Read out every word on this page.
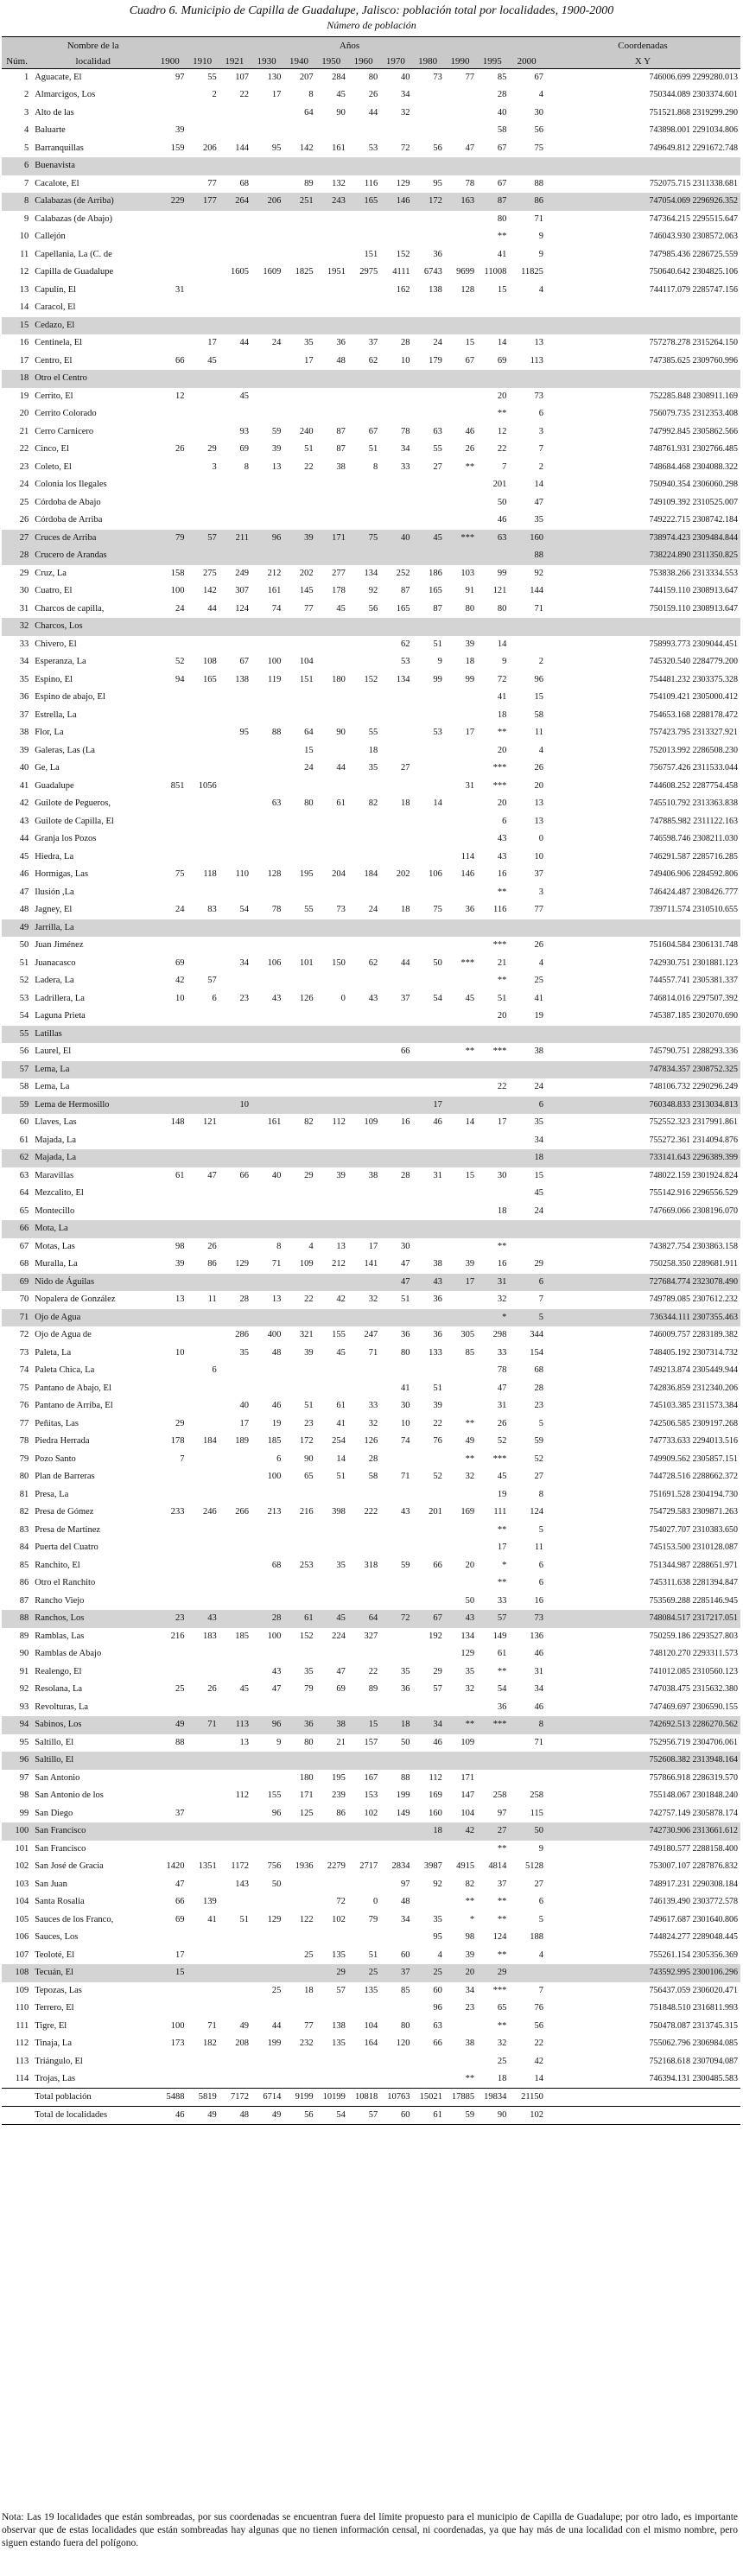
Cuadro 6. Municipio de Capilla de Guadalupe, Jalisco: población total por localidades, 1900-2000
Número de población
	Nombre de la	Años												Coordenadas
Núm.	localidad	1900	1910	1921	1930	1940	1950	1960	1970	1980	1990	1995	2000	X Y
1	Aguacate, El	97	55	107	130	207	284	80	40	73	77	85	67	746006.699 2299280.013
2	Almarcigos, Los		2	22	17	8	45	26	34			28	4	750344.089 2303374.601
3	Alto de las					64	90	44	32			40	30	751521.868 2319299.290
4	Baluarte	39										58	56	743898.001 2291034.806
5	Barranquillas	159	206	144	95	142	161	53	72	56	47	67	75	749649.812 2291672.748
6	Buenavista													
7	Cacalote, El		77	68		89	132	116	129	95	78	67	88	752075.715 2311338.681
8	Calabazas (de Arriba)	229	177	264	206	251	243	165	146	172	163	87	86	747054.069 2296926.352
9	Calabazas (de Abajo)											80	71	747364.215 2295515.647
10	Callejón											**	9	746043.930 2308572.063
11	Capellania, La (C. de							151	152	36		41	9	747985.436 2286725.559
12	Capilla de Guadalupe			1605	1609	1825	1951	2975	4111	6743	9699	11008	11825	750640.642 2304825.106
13	Capulín, El	31							162	138	128	15	4	744117.079 2285747.156
14	Caracol, El													
15	Cedazo, El													
16	Centinela, El		17	44	24	35	36	37	28	24	15	14	13	757278.278 2315264.150
17	Centro, El	66	45			17	48	62	10	179	67	69	113	747385.625 2309760.996
18	Otro el Centro													
19	Cerrito, El	12		45								20	73	752285.848 2308911.169
20	Cerrito Colorado											**	6	756079.735 2312353.408
21	Cerro Carnicero			93	59	240	87	67	78	63	46	12	3	747992.845 2305862.566
22	Cinco, El	26	29	69	39	51	87	51	34	55	26	22	7	748761.931 2302766.485
23	Coleto, El		3	8	13	22	38	8	33	27	**	7	2	748684.468 2304088.322
24	Colonia los Ilegales											201	14	750940.354 2306060.298
25	Córdoba de Abajo											50	47	749109.392 2310525.007
26	Córdoba de Arriba											46	35	749222.715 2308742.184
27	Cruces de Arriba	79	57	211	96	39	171	75	40	45	***	63	160	738974.423 2309484.844
28	Crucero de Arandas												88	738224.890 2311350.825
29	Cruz, La	158	275	249	212	202	277	134	252	186	103	99	92	753838.266 2313334.553
30	Cuatro, El	100	142	307	161	145	178	92	87	165	91	121	144	744159.110 2308913.647
31	Charcos de capilla,	24	44	124	74	77	45	56	165	87	80	80	71	750159.110 2308913.647
32	Charcos, Los													
33	Chivero, El								62	51	39	14		758993.773 2309044.451
34	Esperanza, La	52	108	67	100	104			53	9	18	9	2	745320.540 2284779.200
35	Espino, El	94	165	138	119	151	180	152	134	99	99	72	96	754481.232 2303375.328
36	Espino de abajo, El											41	15	754109.421 2305000.412
37	Estrella, La											18	58	754653.168 2288178.472
38	Flor, La			95	88	64	90	55		53	17	**	11	757423.795 2313327.921
39	Galeras, Las (La					15		18				20	4	752013.992 2286508.230
40	Ge, La					24	44	35	27			***	26	756757.426 2311533.044
41	Guadalupe	851	1056								31	***	20	744608.252 2287754.458
42	Guilote de Pegueros,				63	80	61	82	18	14		20	13	745510.792 2313363.838
43	Guilote de Capilla, El											6	13	747885.982 2311122.163
44	Granja los Pozos											43	0	746598.746 2308211.030
45	Hiedra, La										114	43	10	746291.587 2285716.285
46	Hormigas, Las	75	118	110	128	195	204	184	202	106	146	16	37	749406.906 2284592.806
47	Ilusión ,La											**	3	746424.487 2308426.777
48	Jagney, El	24	83	54	78	55	73	24	18	75	36	116	77	739711.574 2310510.655
49	Jarrilla, La													
50	Juan Jiménez											***	26	751604.584 2306131.748
51	Juanacasco	69		34	106	101	150	62	44	50	***	21	4	742930.751 2301881.123
52	Ladera, La	42	57									**	25	744557.741 2305381.337
53	Ladrillera, La	10	6	23	43	126	0	43	37	54	45	51	41	746814.016 2297507.392
54	Laguna Prieta											20	19	745387.185 2302070.690
55	Latillas													
56	Laurel, El								66		**	***	38	745790.751 2288293.336
57	Lema, La													747834.357 2308752.325
58	Lema, La											22	24	748106.732 2290296.249
59	Lema de Hermosillo			10						17			6	760348.833 2313034.813
60	Llaves, Las	148	121		161	82	112	109	16	46	14	17	35	752552.323 2317991.861
61	Majada, La												34	755272.361 2314094.876
62	Majada, La												18	733141.643 2296389.399
63	Maravillas	61	47	66	40	29	39	38	28	31	15	30	15	748022.159 2301924.824
64	Mezcalito, El												45	755142.916 2296556.529
65	Montecillo											18	24	747669.066 2308196.070
66	Mota, La													
67	Motas, Las	98	26		8	4	13	17	30			**		743827.754 2303863.158
68	Muralla, La	39	86	129	71	109	212	141	47	38	39	16	29	750258.350 2289681.911
69	Nido de Águilas								47	43	17	31	6	727684.774 2323078.490
70	Nopalera de González	13	11	28	13	22	42	32	51	36		32	7	749789.085 2307612.232
71	Ojo de Agua											*	5	736344.111 2307355.463
72	Ojo de Agua de			286	400	321	155	247	36	36	305	298	344	746009.757 2283189.382
73	Paleta, La	10		35	48	39	45	71	80	133	85	33	154	748405.192 2307314.732
74	Paleta Chica, La		6									78	68	749213.874 2305449.944
75	Pantano de Abajo, El								41	51		47	28	742836.859 2312340.206
76	Pantano de Arriba, El			40	46	51	61	33	30	39		31	23	745103.385 2311573.384
77	Peñitas, Las	29		17	19	23	41	32	10	22	**	26	5	742506.585 2309197.268
78	Piedra Herrada	178	184	189	185	172	254	126	74	76	49	52	59	747733.633 2294013.516
79	Pozo Santo	7			6	90	14	28			**	***	52	749909.562 2305857.151
80	Plan de Barreras				100	65	51	58	71	52	32	45	27	744728.516 2288662.372
81	Presa, La											19	8	751691.528 2304194.730
82	Presa de Gómez	233	246	266	213	216	398	222	43	201	169	111	124	754729.583 2309871.263
83	Presa de Martínez											**	5	754027.707 2310383.650
84	Puerta del Cuatro											17	11	745153.500 2310128.087
85	Ranchito, El				68	253	35	318	59	66	20	*	6	751344.987 2288651.971
86	Otro el Ranchito											**	6	745311.638 2281394.847
87	Rancho Viejo										50	33	16	753569.288 2285146.945
88	Ranchos, Los	23	43		28	61	45	64	72	67	43	57	73	748084.517 2317217.051
89	Ramblas, Las	216	183	185	100	152	224	327		192	134	149	136	750259.186 2293527.803
90	Ramblas de Abajo										129	61	46	748120.270 2293311.573
91	Realengo, El				43	35	47	22	35	29	35	**	31	741012.085 2310560.123
92	Resolana, La	25	26	45	47	79	69	89	36	57	32	54	34	747038.475 2315632.380
93	Revolturas, La											36	46	747469.697 2306590.155
94	Sabinos, Los	49	71	113	96	36	38	15	18	34	**	***	8	742692.513 2286270.562
95	Saltillo, El	88		13	9	80	21	157	50	46	109		71	752956.719 2304706.061
96	Saltillo, El													752608.382 2313948.164
97	San Antonio					180	195	167	88	112	171			757866.918 2286319.570
98	San Antonio de los			112	155	171	239	153	199	169	147	258	258	755148.067 2301848.240
99	San Diego	37			96	125	86	102	149	160	104	97	115	742757.149 2305878.174
100	San Francisco									18	42	27	50	742730.906 2313661.612
101	San Francisco											**	9	749180.577 2288158.400
102	San José de Gracia	1420	1351	1172	756	1936	2279	2717	2834	3987	4915	4814	5128	753007.107 2287876.832
103	San Juan	47		143	50				97	92	82	37	27	748917.231 2290308.184
104	Santa Rosalia	66	139				72	0	48		**	**	6	746139.490 2303772.578
105	Sauces de los Franco,	69	41	51	129	122	102	79	34	35	*	**	5	749617.687 2301640.806
106	Sauces, Los									95	98	124	188	744824.277 2289048.445
107	Teoloté, El	17				25	135	51	60	4	39	**	4	755261.154 2305356.369
108	Tecuán, El	15					29	25	37	25	20	29		743592.995 2300106.296
109	Tepozas, Las				25	18	57	135	85	60	34	***	7	756437.059 2306020.471
110	Terrero, El									96	23	65	76	751848.510 2316811.993
111	Tigre, El	100	71	49	44	77	138	104	80	63		**	56	750478.087 2313745.315
112	Tinaja, La	173	182	208	199	232	135	164	120	66	38	32	22	755062.796 2306984.085
113	Triángulo, El											25	42	752168.618 2307094.087
114	Trojas, Las										**	18	14	746394.131 2300485.583
	Total población	5488	5819	7172	6714	9199	10199	10818	10763	15021	17885	19834	21150	
	Total de localidades	46	49	48	49	56	54	57	60	61	59	90	102	
Nota: Las 19 localidades que están sombreadas, por sus coordenadas se encuentran fuera del límite propuesto para el municipio de Capilla de Guadalupe; por otro lado, es importante observar que de estas localidades que están sombreadas hay algunas que no tienen información censal, ni coordenadas, ya que hay más de una localidad con el mismo nombre, pero siguen estando fuera del polígono.
